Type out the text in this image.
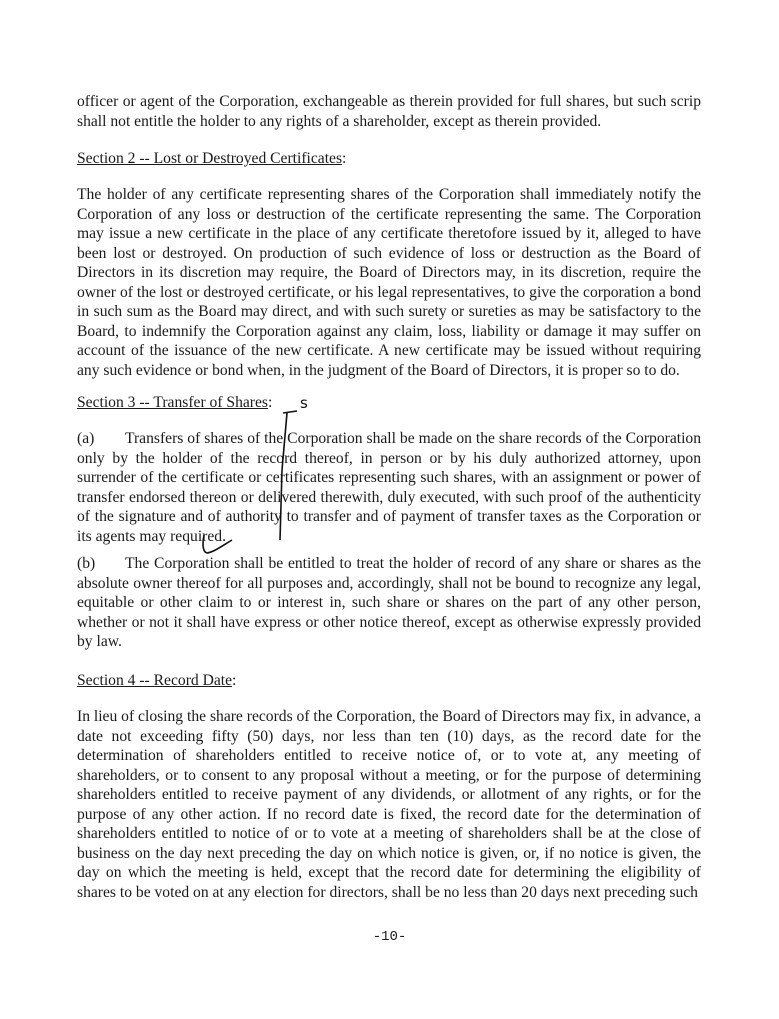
officer or agent of the Corporation, exchangeable as therein provided for full shares, but such scrip shall not entitle the holder to any rights of a shareholder, except as therein provided.

Section 2 -- Lost or Destroyed Certificates:

The holder of any certificate representing shares of the Corporation shall immediately notify the Corporation of any loss or destruction of the certificate representing the same. The Corporation may issue a new certificate in the place of any certificate theretofore issued by it, alleged to have been lost or destroyed. On production of such evidence of loss or destruction as the Board of Directors in its discretion may require, the Board of Directors may, in its discretion, require the owner of the lost or destroyed certificate, or his legal representatives, to give the corporation a bond in such sum as the Board may direct, and with such surety or sureties as may be satisfactory to the Board, to indemnify the Corporation against any claim, loss, liability or damage it may suffer on account of the issuance of the new certificate. A new certificate may be issued without requiring any such evidence or bond when, in the judgment of the Board of Directors, it is proper so to do.

Section 3 -- Transfer of Shares:

(a) Transfers of shares of the Corporation shall be made on the share records of the Corporation only by the holder of the record thereof, in person or by his duly authorized attorney, upon surrender of the certificate or certificates representing such shares, with an assignment or power of transfer endorsed thereon or delivered therewith, duly executed, with such proof of the authenticity of the signature and of authority to transfer and of payment of transfer taxes as the Corporation or its agents may required.

(b) The Corporation shall be entitled to treat the holder of record of any share or shares as the absolute owner thereof for all purposes and, accordingly, shall not be bound to recognize any legal, equitable or other claim to or interest in, such share or shares on the part of any other person, whether or not it shall have express or other notice thereof, except as otherwise expressly provided by law.

Section 4 -- Record Date:

In lieu of closing the share records of the Corporation, the Board of Directors may fix, in advance, a date not exceeding fifty (50) days, nor less than ten (10) days, as the record date for the determination of shareholders entitled to receive notice of, or to vote at, any meeting of shareholders, or to consent to any proposal without a meeting, or for the purpose of determining shareholders entitled to receive payment of any dividends, or allotment of any rights, or for the purpose of any other action. If no record date is fixed, the record date for the determination of shareholders entitled to notice of or to vote at a meeting of shareholders shall be at the close of business on the day next preceding the day on which notice is given, or, if no notice is given, the day on which the meeting is held, except that the record date for determining the eligibility of shares to be voted on at any election for directors, shall be no less than 20 days next preceding such

-10-
s
